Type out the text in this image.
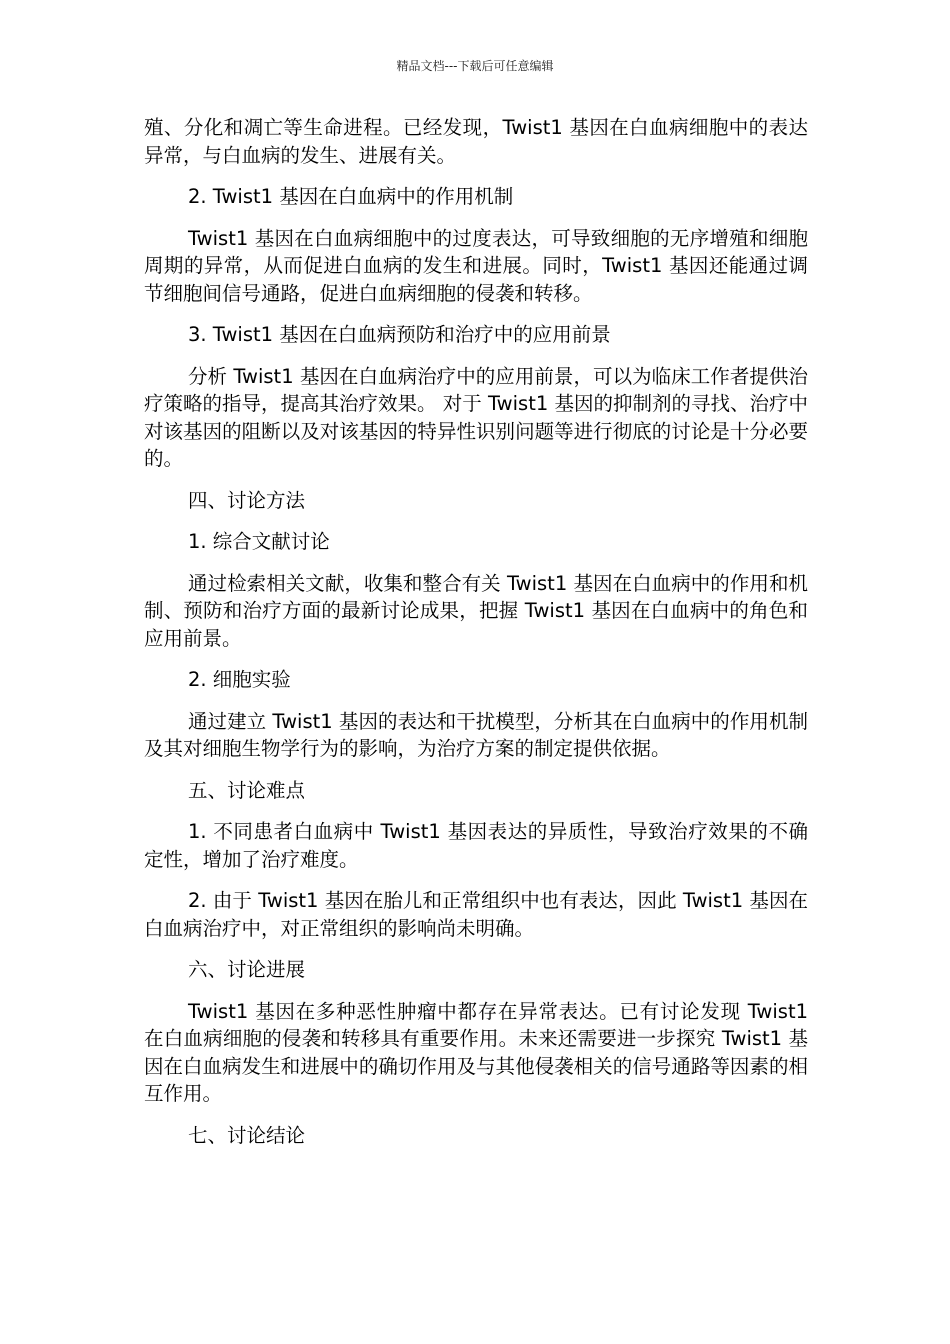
精品文档---下载后可任意编辑

殖、分化和凋亡等生命进程。已经发现，Twist1 基因在白血病细胞中的表达异常，与白血病的发生、进展有关。

2. Twist1 基因在白血病中的作用机制

Twist1 基因在白血病细胞中的过度表达，可导致细胞的无序增殖和细胞周期的异常，从而促进白血病的发生和进展。同时，Twist1 基因还能通过调节细胞间信号通路，促进白血病细胞的侵袭和转移。

3. Twist1 基因在白血病预防和治疗中的应用前景

分析 Twist1 基因在白血病治疗中的应用前景，可以为临床工作者提供治疗策略的指导，提高其治疗效果。 对于 Twist1 基因的抑制剂的寻找、治疗中对该基因的阻断以及对该基因的特异性识别问题等进行彻底的讨论是十分必要的。

四、讨论方法

1. 综合文献讨论

通过检索相关文献，收集和整合有关 Twist1 基因在白血病中的作用和机制、预防和治疗方面的最新讨论成果，把握 Twist1 基因在白血病中的角色和应用前景。

2. 细胞实验

通过建立 Twist1 基因的表达和干扰模型，分析其在白血病中的作用机制及其对细胞生物学行为的影响，为治疗方案的制定提供依据。

五、讨论难点

1. 不同患者白血病中 Twist1 基因表达的异质性，导致治疗效果的不确定性，增加了治疗难度。

2. 由于 Twist1 基因在胎儿和正常组织中也有表达，因此 Twist1 基因在白血病治疗中，对正常组织的影响尚未明确。

六、讨论进展

Twist1 基因在多种恶性肿瘤中都存在异常表达。已有讨论发现 Twist1 在白血病细胞的侵袭和转移具有重要作用。未来还需要进一步探究 Twist1 基因在白血病发生和进展中的确切作用及与其他侵袭相关的信号通路等因素的相互作用。

七、讨论结论
